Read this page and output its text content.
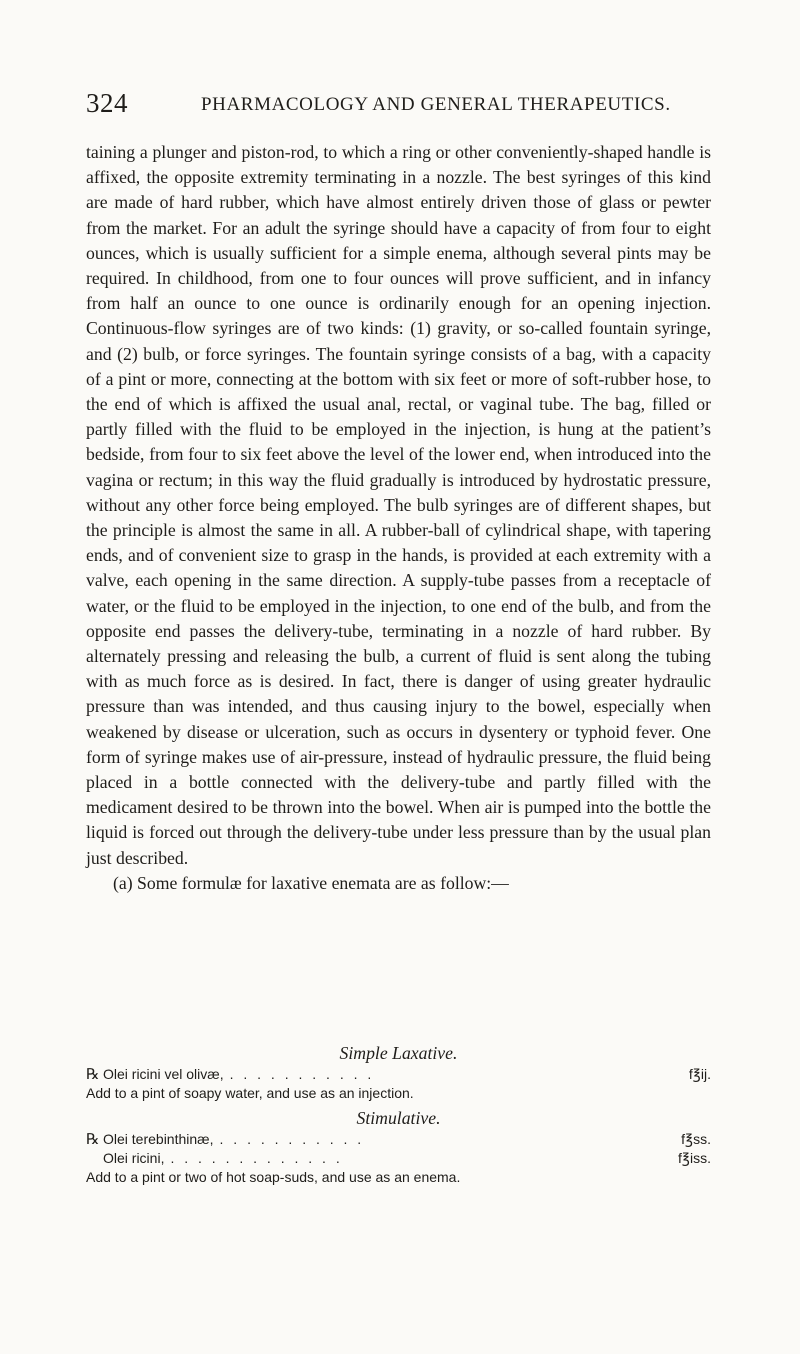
324	PHARMACOLOGY AND GENERAL THERAPEUTICS.

taining a plunger and piston-rod, to which a ring or other conveniently-shaped handle is affixed, the opposite extremity terminating in a nozzle. The best syringes of this kind are made of hard rubber, which have almost entirely driven those of glass or pewter from the market. For an adult the syringe should have a capacity of from four to eight ounces, which is usually sufficient for a simple enema, although several pints may be required. In childhood, from one to four ounces will prove sufficient, and in infancy from half an ounce to one ounce is ordinarily enough for an opening injection. Continuous-flow syringes are of two kinds: (1) gravity, or so-called fountain syringe, and (2) bulb, or force syringes. The fountain syringe consists of a bag, with a capacity of a pint or more, connecting at the bottom with six feet or more of soft-rubber hose, to the end of which is affixed the usual anal, rectal, or vaginal tube. The bag, filled or partly filled with the fluid to be employed in the injection, is hung at the patient’s bedside, from four to six feet above the level of the lower end, when introduced into the vagina or rectum; in this way the fluid gradually is introduced by hydrostatic pressure, without any other force being employed. The bulb syringes are of different shapes, but the principle is almost the same in all. A rubber-ball of cylindrical shape, with tapering ends, and of convenient size to grasp in the hands, is provided at each extremity with a valve, each opening in the same direction. A supply-tube passes from a receptacle of water, or the fluid to be employed in the injection, to one end of the bulb, and from the opposite end passes the delivery-tube, terminating in a nozzle of hard rubber. By alternately pressing and releasing the bulb, a current of fluid is sent along the tubing with as much force as is desired. In fact, there is danger of using greater hydraulic pressure than was intended, and thus causing injury to the bowel, especially when weakened by disease or ulceration, such as occurs in dysentery or typhoid fever. One form of syringe makes use of air-pressure, instead of hydraulic pressure, the fluid being placed in a bottle connected with the delivery-tube and partly filled with the medicament desired to be thrown into the bowel. When air is pumped into the bottle the liquid is forced out through the delivery-tube under less pressure than by the usual plan just described.

(a) Some formulæ for laxative enemata are as follow:—

Simple Laxative.

℞ Olei ricini vel olivæ, . . . . . . . . . . .	f℥ij.

Add to a pint of soapy water, and use as an injection.

Stimulative.

℞ Olei terebinthinæ, . . . . . . . . . . .	f℥ss.
Olei ricini, . . . . . . . . . . . . .	f℥iss.

Add to a pint or two of hot soap-suds, and use as an enema.
